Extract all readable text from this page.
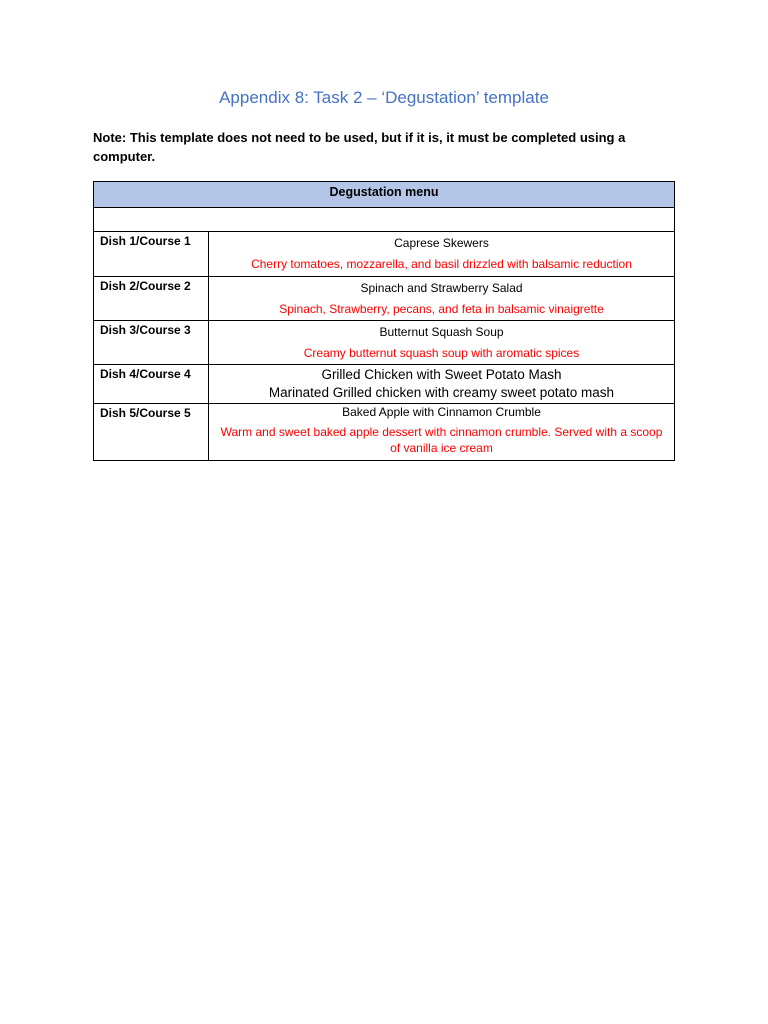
Appendix 8: Task 2 – ‘Degustation’ template
Note: This template does not need to be used, but if it is, it must be completed using a computer.
Degustation menu	

Dish 1/Course 1	Caprese Skewers
Cherry tomatoes, mozzarella, and basil drizzled with balsamic reduction

Dish 2/Course 2	Spinach and Strawberry Salad
Spinach, Strawberry, pecans, and feta in balsamic vinaigrette

Dish 3/Course 3	Butternut Squash Soup
Creamy butternut squash soup with aromatic spices

Dish 4/Course 4	Grilled Chicken with Sweet Potato Mash
Marinated Grilled chicken with creamy sweet potato mash

Dish 5/Course 5	Baked Apple with Cinnamon Crumble
Warm and sweet baked apple dessert with cinnamon crumble. Served with a scoop of vanilla ice cream
